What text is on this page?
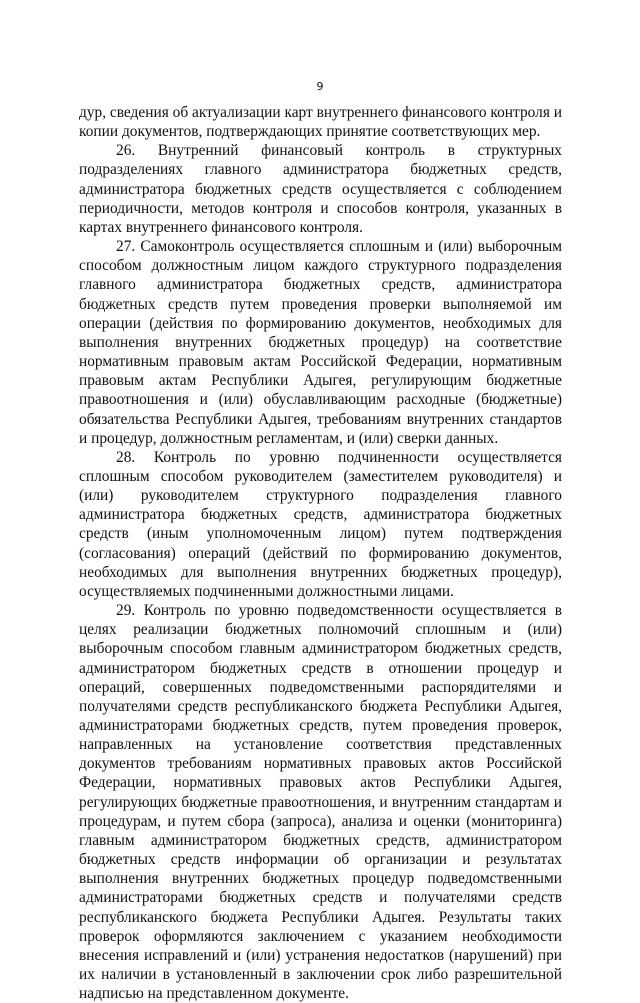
9

дур, сведения об актуализации карт внутреннего финансового контроля и копии документов, подтверждающих принятие соответствующих мер.

26. Внутренний финансовый контроль в структурных подразделениях главного администратора бюджетных средств, администратора бюджетных средств осуществляется с соблюдением периодичности, методов контроля и способов контроля, указанных в картах внутреннего финансового контроля.

27. Самоконтроль осуществляется сплошным и (или) выборочным способом должностным лицом каждого структурного подразделения главного администратора бюджетных средств, администратора бюджетных средств путем проведения проверки выполняемой им операции (действия по формированию документов, необходимых для выполнения внутренних бюджетных процедур) на соответствие нормативным правовым актам Российской Федерации, нормативным правовым актам Республики Адыгея, регулирующим бюджетные правоотношения и (или) обуславливающим расходные (бюджетные) обязательства Республики Адыгея, требованиям внутренних стандартов и процедур, должностным регламентам, и (или) сверки данных.

28. Контроль по уровню подчиненности осуществляется сплошным способом руководителем (заместителем руководителя) и (или) руководителем структурного подразделения главного администратора бюджетных средств, администратора бюджетных средств (иным уполномоченным лицом) путем подтверждения (согласования) операций (действий по формированию документов, необходимых для выполнения внутренних бюджетных процедур), осуществляемых подчиненными должностными лицами.

29. Контроль по уровню подведомственности осуществляется в целях реализации бюджетных полномочий сплошным и (или) выборочным способом главным администратором бюджетных средств, администратором бюджетных средств в отношении процедур и операций, совершенных подведомственными распорядителями и получателями средств республиканского бюджета Республики Адыгея, администраторами бюджетных средств, путем проведения проверок, направленных на установление соответствия представленных документов требованиям нормативных правовых актов Российской Федерации, нормативных правовых актов Республики Адыгея, регулирующих бюджетные правоотношения, и внутренним стандартам и процедурам, и путем сбора (запроса), анализа и оценки (мониторинга) главным администратором бюджетных средств, администратором бюджетных средств информации об организации и результатах выполнения внутренних бюджетных процедур подведомственными администраторами бюджетных средств и получателями средств республиканского бюджета Республики Адыгея. Результаты таких проверок оформляются заключением с указанием необходимости внесения исправлений и (или) устранения недостатков (нарушений) при их наличии в установленный в заключении срок либо разрешительной надписью на представленном документе.
